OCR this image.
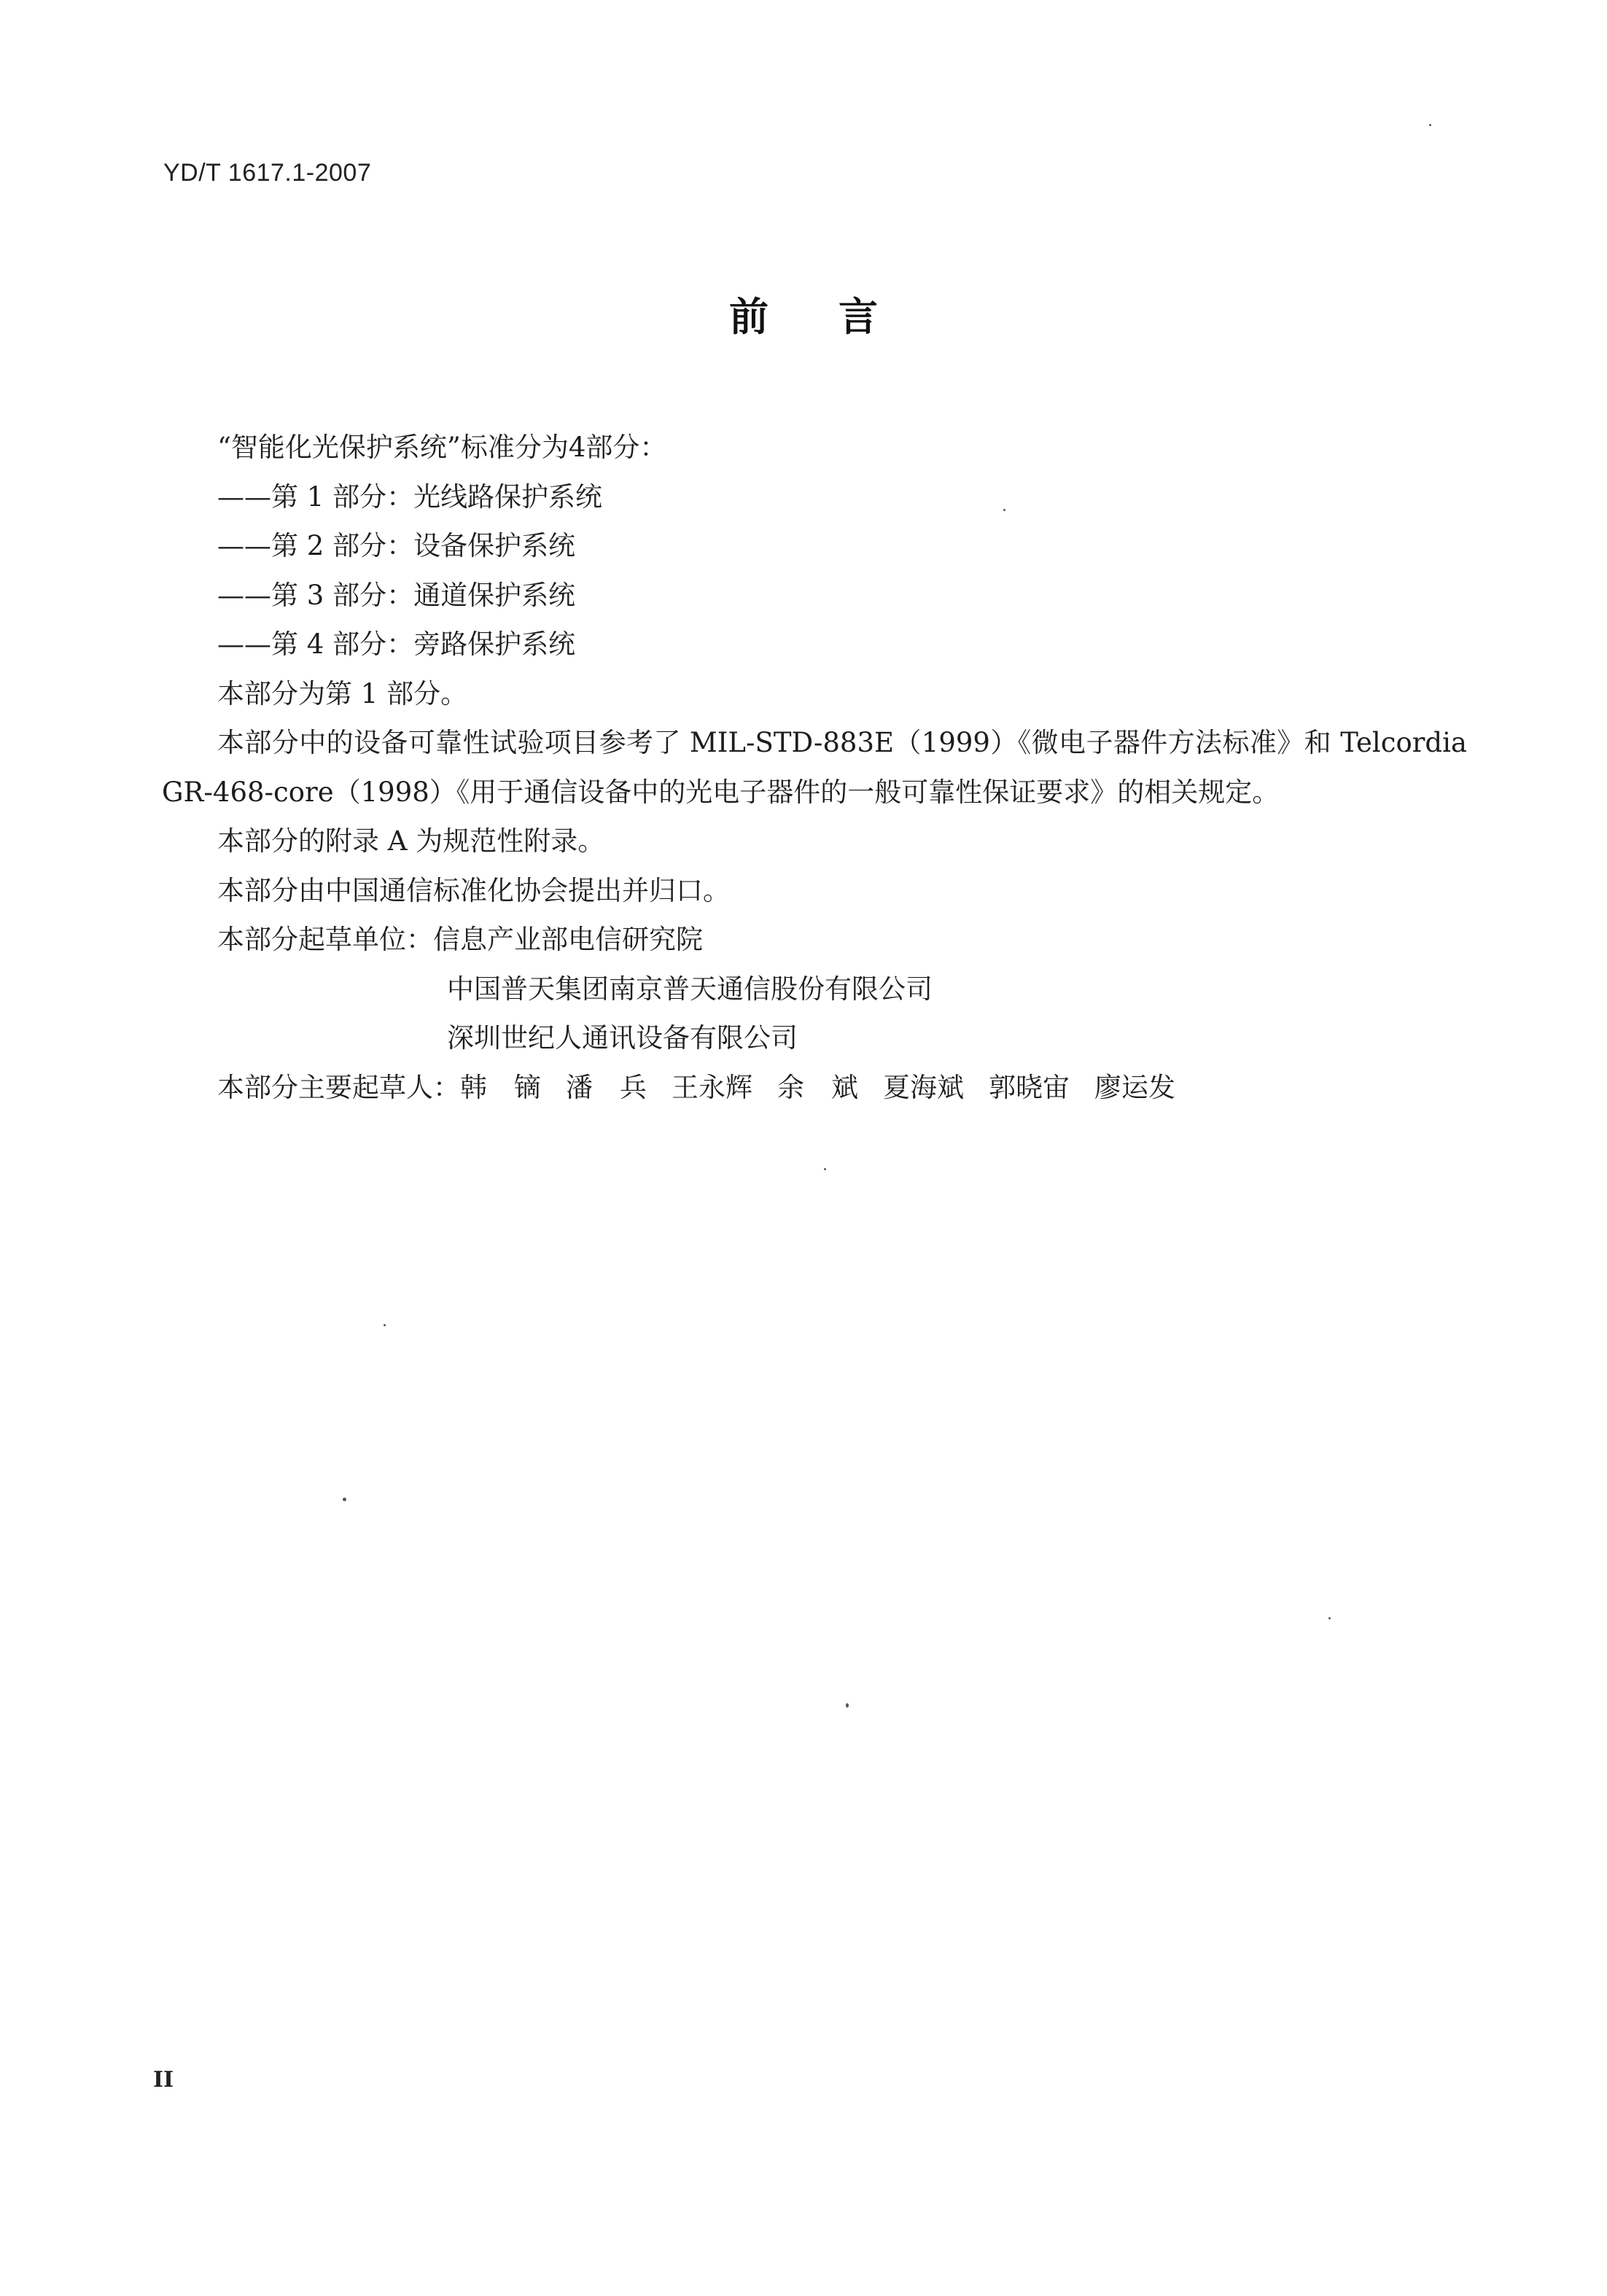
YD/T 1617.1-2007
前言
“智能化光保护系统”标准分为4部分：
——第 1 部分：光线路保护系统
——第 2 部分：设备保护系统
——第 3 部分：通道保护系统
——第 4 部分：旁路保护系统
本部分为第 1 部分。
本部分中的设备可靠性试验项目参考了 MIL-STD-883E（1999）《微电子器件方法标准》和 Telcordia
GR-468-core（1998）《用于通信设备中的光电子器件的一般可靠性保证要求》的相关规定。
本部分的附录 A 为规范性附录。
本部分由中国通信标准化协会提出并归口。
本部分起草单位：信息产业部电信研究院
中国普天集团南京普天通信股份有限公司
深圳世纪人通讯设备有限公司
本部分主要起草人： 韩　镝 潘　兵 王永辉 余　斌 夏海斌 郭晓宙 廖运发
II
